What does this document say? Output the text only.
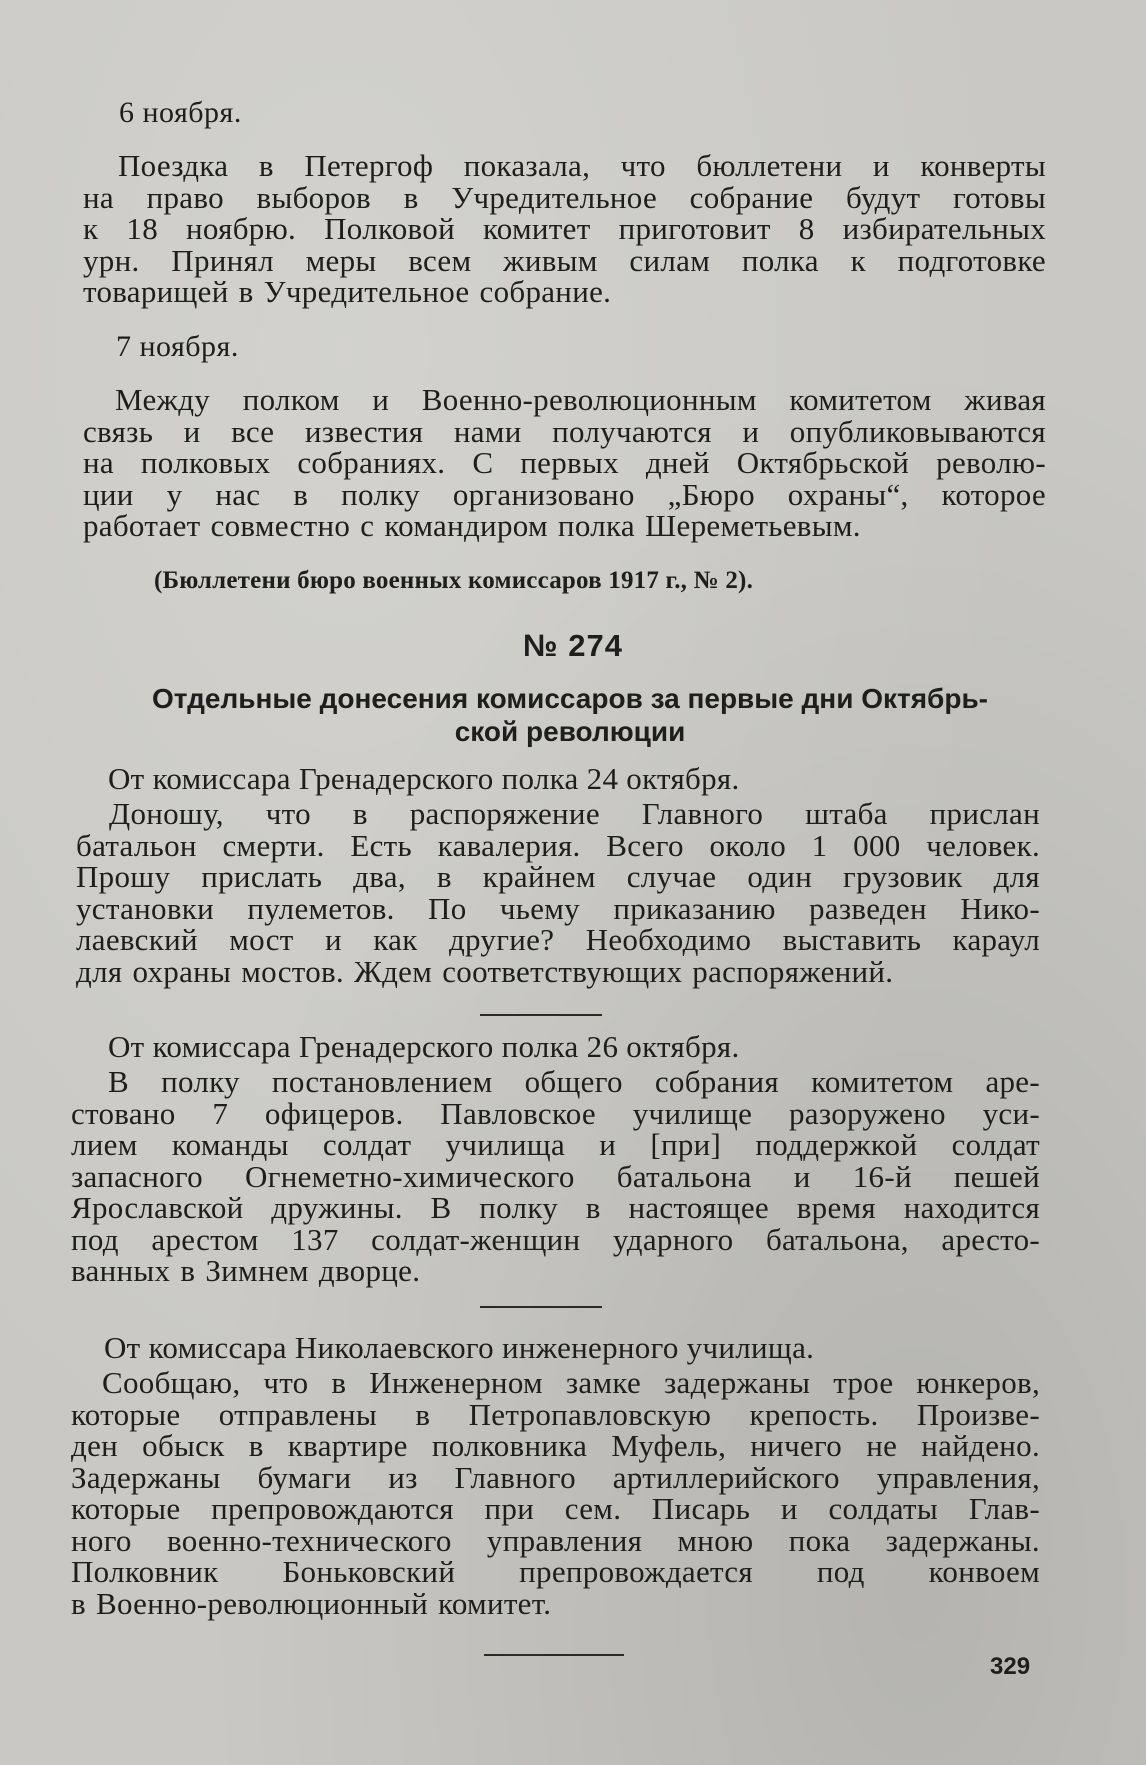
6 ноября.
Поездка в Петергоф показала, что бюллетени и конверты
на право выборов в Учредительное собрание будут готовы
к 18 ноябрю. Полковой комитет приготовит 8 избирательных
урн. Принял меры всем живым силам полка к подготовке
товарищей в Учредительное собрание.
7 ноября.
Между полком и Военно-революционным комитетом живая
связь и все известия нами получаются и опубликовываются
на полковых собраниях. С первых дней Октябрьской револю-
ции у нас в полку организовано „Бюро охраны“, которое
работает совместно с командиром полка Шереметьевым.
(Бюллетени бюро военных комиссаров 1917 г., № 2).
№ 274
Отдельные донесения комиссаров за первые дни Октябрь-
ской революции
От комиссара Гренадерского полка 24 октября.
Доношу, что в распоряжение Главного штаба прислан
батальон смерти. Есть кавалерия. Всего около 1 000 человек.
Прошу прислать два, в крайнем случае один грузовик для
установки пулеметов. По чьему приказанию разведен Нико-
лаевский мост и как другие? Необходимо выставить караул
для охраны мостов. Ждем соответствующих распоряжений.
От комиссара Гренадерского полка 26 октября.
В полку постановлением общего собрания комитетом аре-
стовано 7 офицеров. Павловское училище разоружено уси-
лием команды солдат училища и [при] поддержкой солдат
запасного Огнеметно-химического батальона и 16-й пешей
Ярославской дружины. В полку в настоящее время находится
под арестом 137 солдат-женщин ударного батальона, аресто-
ванных в Зимнем дворце.
От комиссара Николаевского инженерного училища.
Сообщаю, что в Инженерном замке задержаны трое юнкеров,
которые отправлены в Петропавловскую крепость. Произве-
ден обыск в квартире полковника Муфель, ничего не найдено.
Задержаны бумаги из Главного артиллерийского управления,
которые препровождаются при сем. Писарь и солдаты Глав-
ного военно-технического управления мною пока задержаны.
Полковник Боньковский препровождается под конвоем
в Военно-революционный комитет.
329
